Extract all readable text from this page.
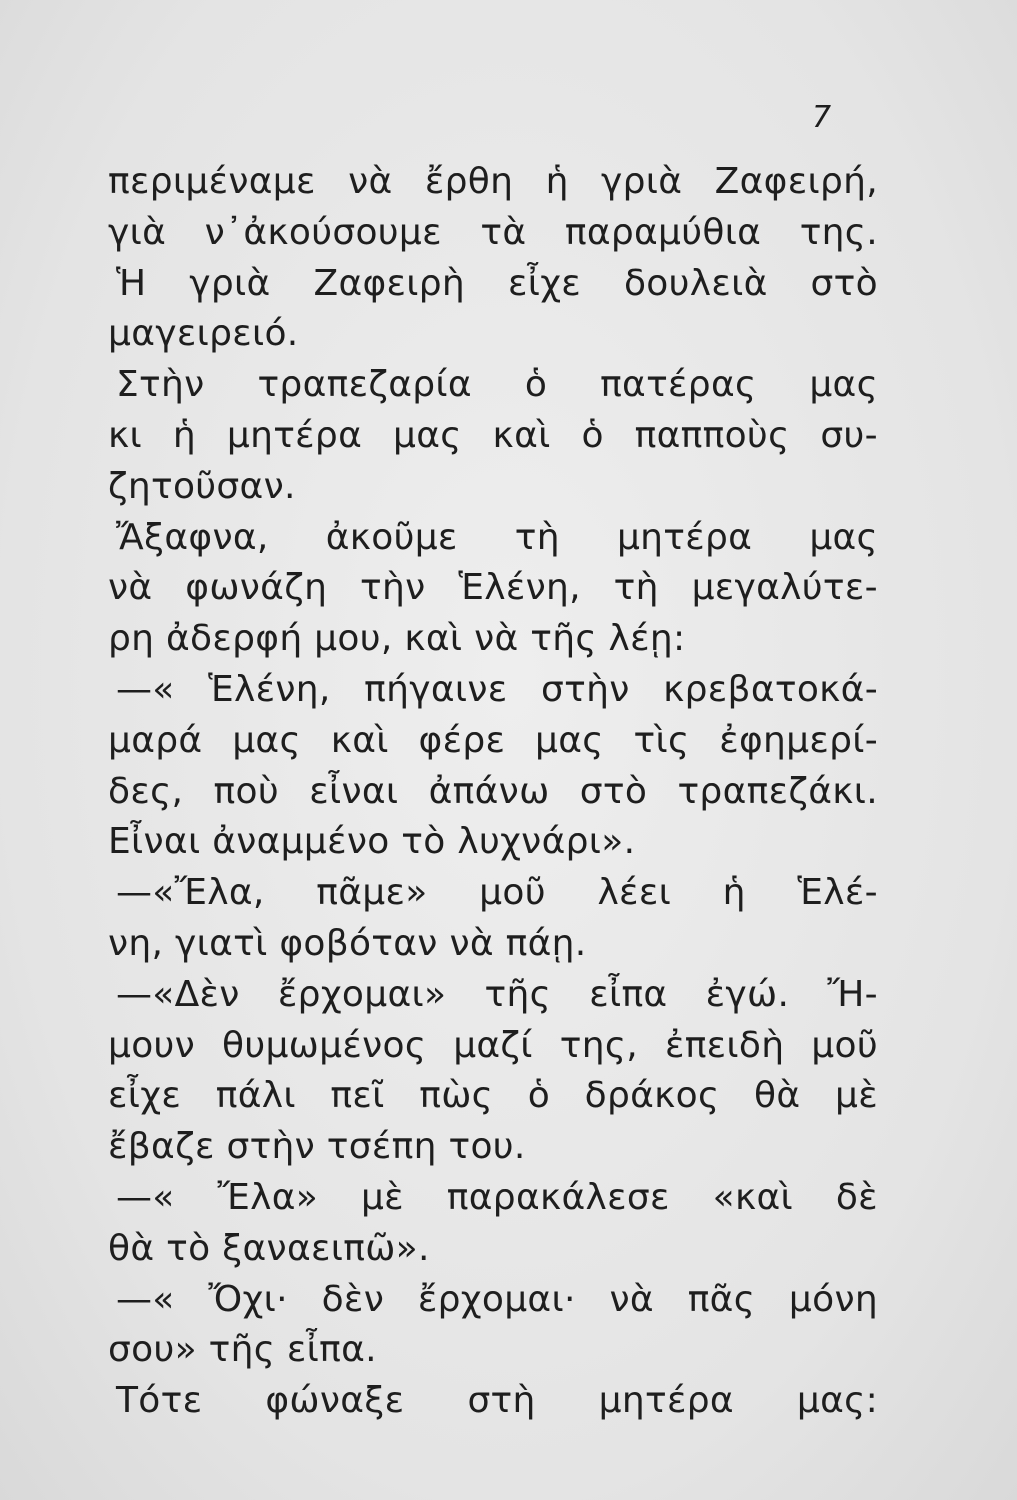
7
περιμέναμε νὰ ἔρθη ἡ γριὰ Ζαφειρή,
γιὰ ν᾿ἀκούσουμε τὰ παραμύθια της.
Ἡ γριὰ Ζαφειρὴ εἶχε δουλειὰ στὸ
μαγειρειό.
Στὴν τραπεζαρία ὁ πατέρας μας
κι ἡ μητέρα μας καὶ ὁ παπποὺς συ-
ζητοῦσαν.
Ἄξαφνα, ἀκοῦμε τὴ μητέρα μας
νὰ φωνάζη τὴν Ἑλένη, τὴ μεγαλύτε-
ρη ἀδερφή μου, καὶ νὰ τῆς λέῃ:
—« Ἑλένη, πήγαινε στὴν κρεβατοκά-
μαρά μας καὶ φέρε μας τὶς ἐφημερί-
δες, ποὺ εἶναι ἀπάνω στὸ τραπεζάκι.
Εἶναι ἀναμμένο τὸ λυχνάρι».
—«Ἔλα, πᾶμε» μοῦ λέει ἡ Ἑλέ-
νη, γιατὶ φοβόταν νὰ πάῃ.
—«Δὲν ἔρχομαι» τῆς εἶπα ἐγώ. Ἤ-
μουν θυμωμένος μαζί της, ἐπειδὴ μοῦ
εἶχε πάλι πεῖ πὼς ὁ δράκος θὰ μὲ
ἔβαζε στὴν τσέπη του.
—« Ἔλα» μὲ παρακάλεσε «καὶ δὲ
θὰ τὸ ξαναειπῶ».
—« Ὄχι· δὲν ἔρχομαι· νὰ πᾶς μόνη
σου» τῆς εἶπα.
Τότε φώναξε στὴ μητέρα μας:
